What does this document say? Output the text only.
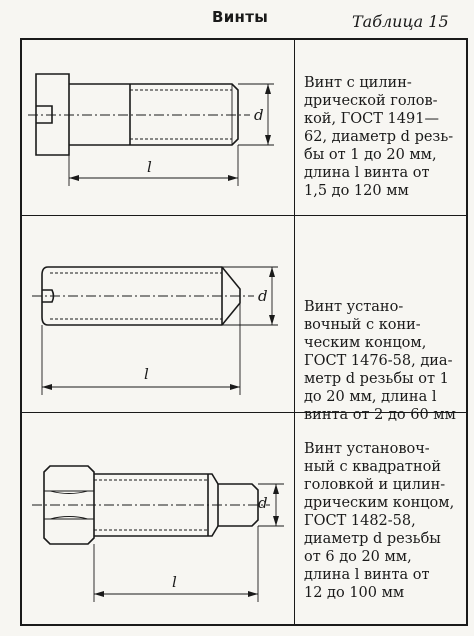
Винты	Таблица 15
d
l
Винт с цилин-
дрической голов-
кой, ГОСТ 1491—
62, диаметр d резь-
бы от 1 до 20 мм,
длина l винта от
1,5 до 120 мм
d
l
Винт устано-
вочный с кони-
ческим концом,
ГОСТ 1476-58, диа-
метр d резьбы от 1
до 20 мм, длина l
винта от 2 до 60 мм
d
l
Винт установоч-
ный с квадратной
головкой и цилин-
дрическим концом,
ГОСТ 1482-58,
диаметр d резьбы
от 6 до 20 мм,
длина l винта от
12 до 100 мм
